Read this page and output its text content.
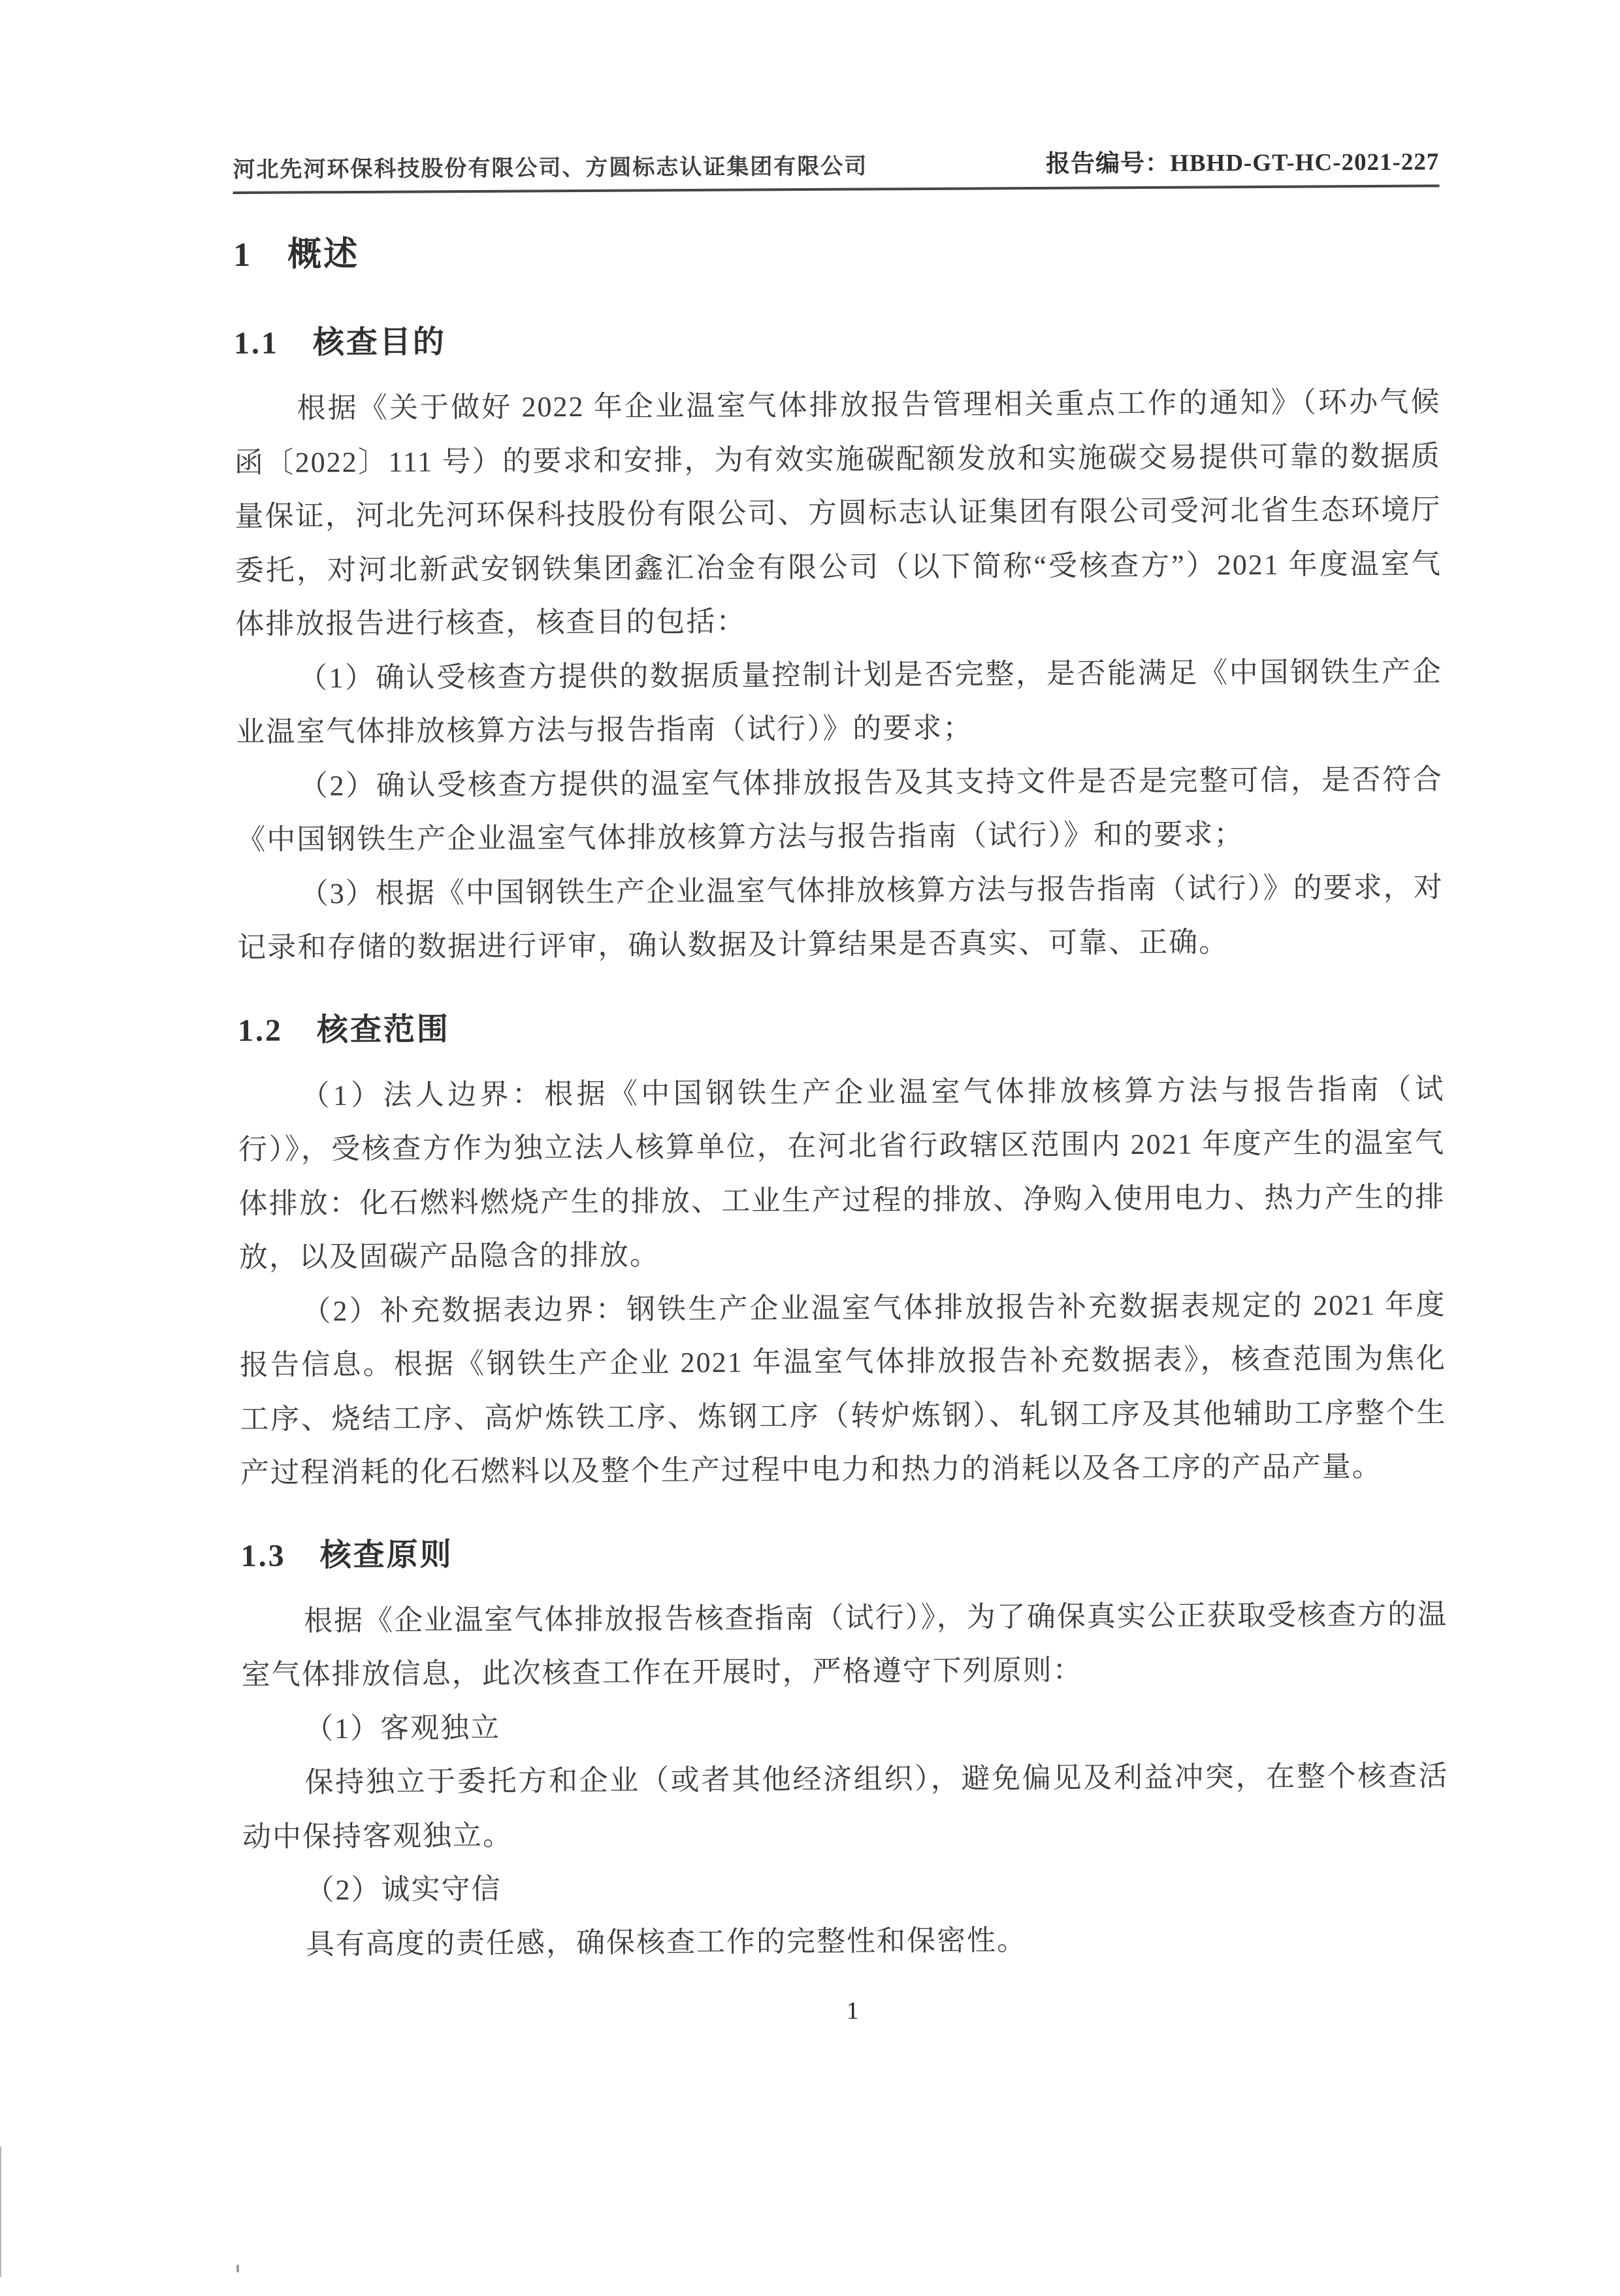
河北先河环保科技股份有限公司、方圆标志认证集团有限公司	报告编号：HBHD-GT-HC-2021-227
1 概述
1.1 核查目的

根据《关于做好 2022 年企业温室气体排放报告管理相关重点工作的通知》（环办气候函〔2022〕111 号）的要求和安排，为有效实施碳配额发放和实施碳交易提供可靠的数据质量保证，河北先河环保科技股份有限公司、方圆标志认证集团有限公司受河北省生态环境厅委托，对河北新武安钢铁集团鑫汇冶金有限公司（以下简称“受核查方”）2021 年度温室气体排放报告进行核查，核查目的包括：

（1）确认受核查方提供的数据质量控制计划是否完整，是否能满足《中国钢铁生产企业温室气体排放核算方法与报告指南（试行）》的要求；

（2）确认受核查方提供的温室气体排放报告及其支持文件是否是完整可信，是否符合《中国钢铁生产企业温室气体排放核算方法与报告指南（试行）》和的要求；

（3）根据《中国钢铁生产企业温室气体排放核算方法与报告指南（试行）》的要求，对记录和存储的数据进行评审，确认数据及计算结果是否真实、可靠、正确。

1.2 核查范围

（1）法人边界：根据《中国钢铁生产企业温室气体排放核算方法与报告指南（试行）》，受核查方作为独立法人核算单位，在河北省行政辖区范围内 2021 年度产生的温室气体排放：化石燃料燃烧产生的排放、工业生产过程的排放、净购入使用电力、热力产生的排放，以及固碳产品隐含的排放。

（2）补充数据表边界：钢铁生产企业温室气体排放报告补充数据表规定的 2021 年度报告信息。根据《钢铁生产企业 2021 年温室气体排放报告补充数据表》，核查范围为焦化工序、烧结工序、高炉炼铁工序、炼钢工序（转炉炼钢）、轧钢工序及其他辅助工序整个生产过程消耗的化石燃料以及整个生产过程中电力和热力的消耗以及各工序的产品产量。

1.3 核查原则

根据《企业温室气体排放报告核查指南（试行）》，为了确保真实公正获取受核查方的温室气体排放信息，此次核查工作在开展时，严格遵守下列原则：

（1）客观独立

保持独立于委托方和企业（或者其他经济组织），避免偏见及利益冲突，在整个核查活动中保持客观独立。

（2）诚实守信

具有高度的责任感，确保核查工作的完整性和保密性。

1
